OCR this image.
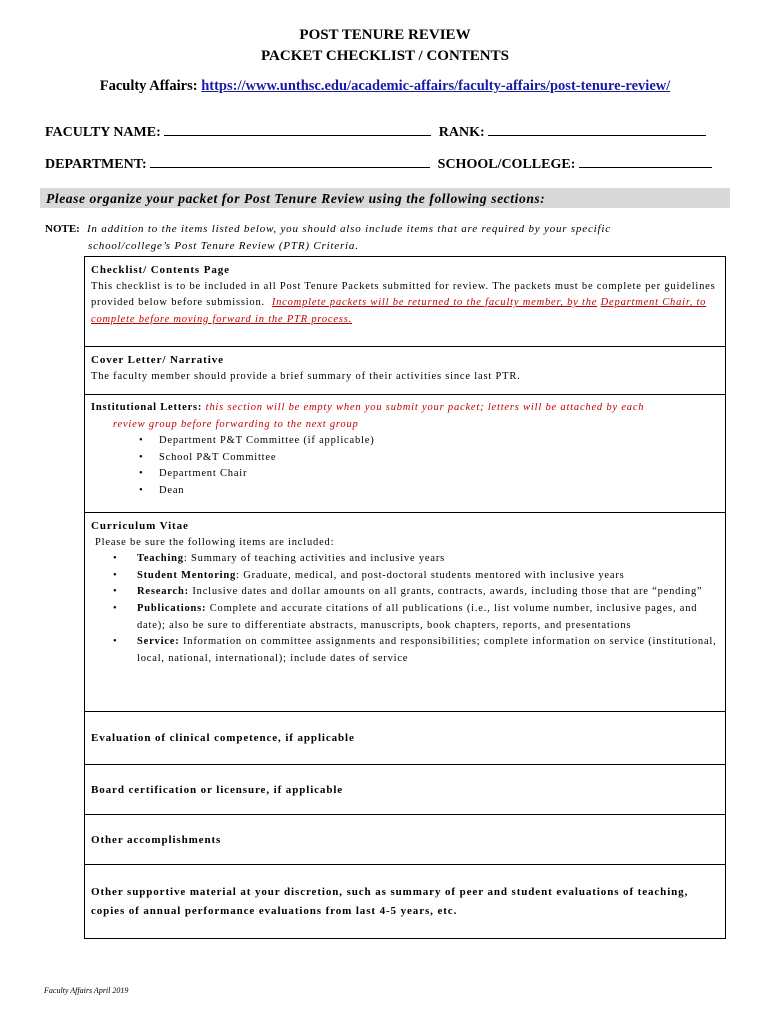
POST TENURE REVIEW
PACKET CHECKLIST / CONTENTS
Faculty Affairs: https://www.unthsc.edu/academic-affairs/faculty-affairs/post-tenure-review/
FACULTY NAME:	RANK:
DEPARTMENT:	SCHOOL/COLLEGE:
Please organize your packet for Post Tenure Review using the following sections:
NOTE: In addition to the items listed below, you should also include items that are required by your specific

school/college’s Post Tenure Review (PTR) Criteria.
Checklist/ Contents Page
This checklist is to be included in all Post Tenure Packets submitted for review. The packets must be complete per guidelines provided below before submission. Incomplete packets will be returned to the faculty member, by the Department Chair, to complete before moving forward in the PTR process.
Cover Letter/ Narrative
The faculty member should provide a brief summary of their activities since last PTR.
Institutional Letters: this section will be empty when you submit your packet; letters will be attached by each
review group before forwarding to the next group
• Department P&T Committee (if applicable)
• School P&T Committee
• Department Chair
• Dean
Curriculum Vitae
Please be sure the following items are included:
• Teaching: Summary of teaching activities and inclusive years
• Student Mentoring: Graduate, medical, and post-doctoral students mentored with inclusive years
• Research: Inclusive dates and dollar amounts on all grants, contracts, awards, including those that are “pending”
• Publications: Complete and accurate citations of all publications (i.e., list volume number, inclusive pages, and date); also be sure to differentiate abstracts, manuscripts, book chapters, reports, and presentations
• Service: Information on committee assignments and responsibilities; complete information on service (institutional, local, national, international); include dates of service
Evaluation of clinical competence, if applicable
Board certification or licensure, if applicable
Other accomplishments
Other supportive material at your discretion, such as summary of peer and student evaluations of teaching, copies of annual performance evaluations from last 4-5 years, etc.
Faculty Affairs April 2019
